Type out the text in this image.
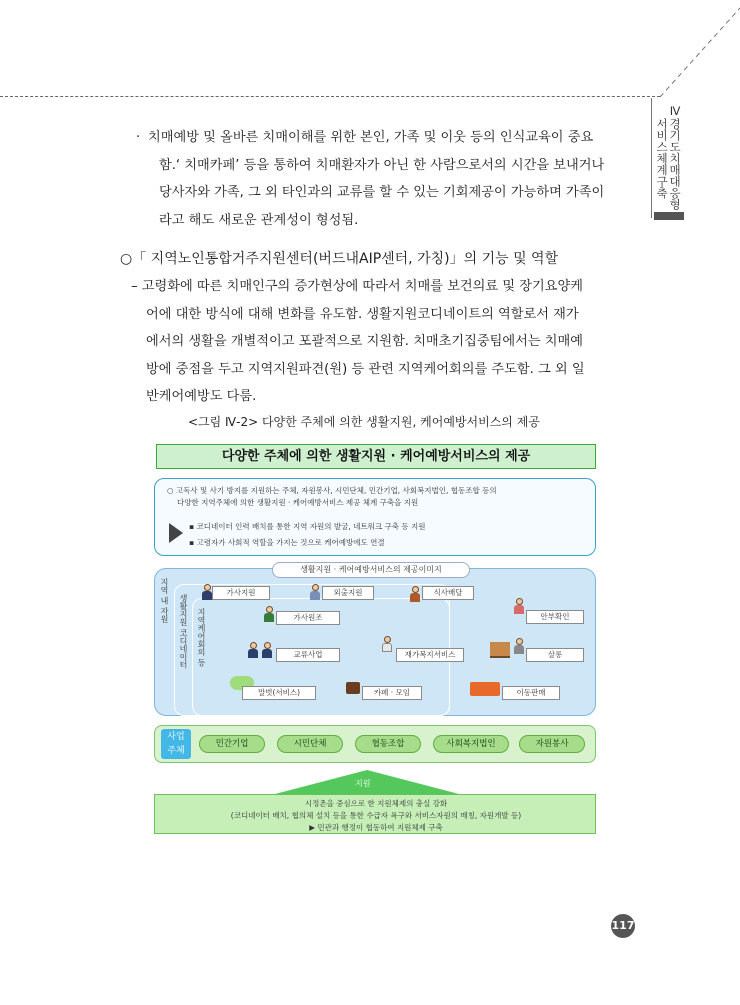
Ⅳ경기도치매대응형
서비스체계구축
· 치매예방 및 올바른 치매이해를 위한 본인, 가족 및 이웃 등의 인식교육이 중요
함.‘ 치매카페’ 등을 통하여 치매환자가 아닌 한 사람으로서의 시간을 보내거나
당사자와 가족, 그 외 타인과의 교류를 할 수 있는 기회제공이 가능하며 가족이
라고 해도 새로운 관계성이 형성됨.
○「 지역노인통합거주지원센터(버드내AIP센터, 가칭)」의 기능 및 역할
– 고령화에 따른 치매인구의 증가현상에 따라서 치매를 보건의료 및 장기요양케
어에 대한 방식에 대해 변화를 유도함. 생활지원코디네이트의 역할로서 재가
에서의 생활을 개별적이고 포괄적으로 지원함. 치매초기집중팀에서는 치매예
방에 중점을 두고 지역지원파견(원) 등 관련 지역케어회의를 주도함. 그 외 일
반케어예방도 다룸.
<그림 Ⅳ-2> 다양한 주체에 의한 생활지원, 케어예방서비스의 제공
다양한 주체에 의한 생활지원 · 케어예방서비스의 제공
○ 고독사 및 사기 방지를 지원하는 주체, 자원봉사, 시민단체, 민간기업, 사회복지법인, 협동조합 등의
다양한 지역주체에 의한 생활지원 · 케어예방서비스 제공 체계 구축을 지원
▪ 코디네이터 인력 배치를 통한 지역 자원의 발굴, 네트워크 구축 등 지원
▪ 고령자가 사회적 역할을 가지는 것으로 케어예방에도 연결
생활지원 · 케어예방서비스의 제공이미지
지역 내 자원 생활지원 코디네이터 지역케어회의 등
가사지원	외출지원	식사배달
가사원조	안부확인
교류사업	재가복지서비스	살롱
말벗(서비스)	카페 · 모임	이동판매
사업
주체
민간기업	시민단체	협동조합	사회복지법인	자원봉사
지원
시정촌을 중심으로 한 지원체제의 충실 강화
(코디네이터 배치, 협의체 설치 등을 통한 수급자 욕구와 서비스자원의 매칭, 자원개발 등)
▶ 민관과 행정이 협동하여 지원체제 구축
117
